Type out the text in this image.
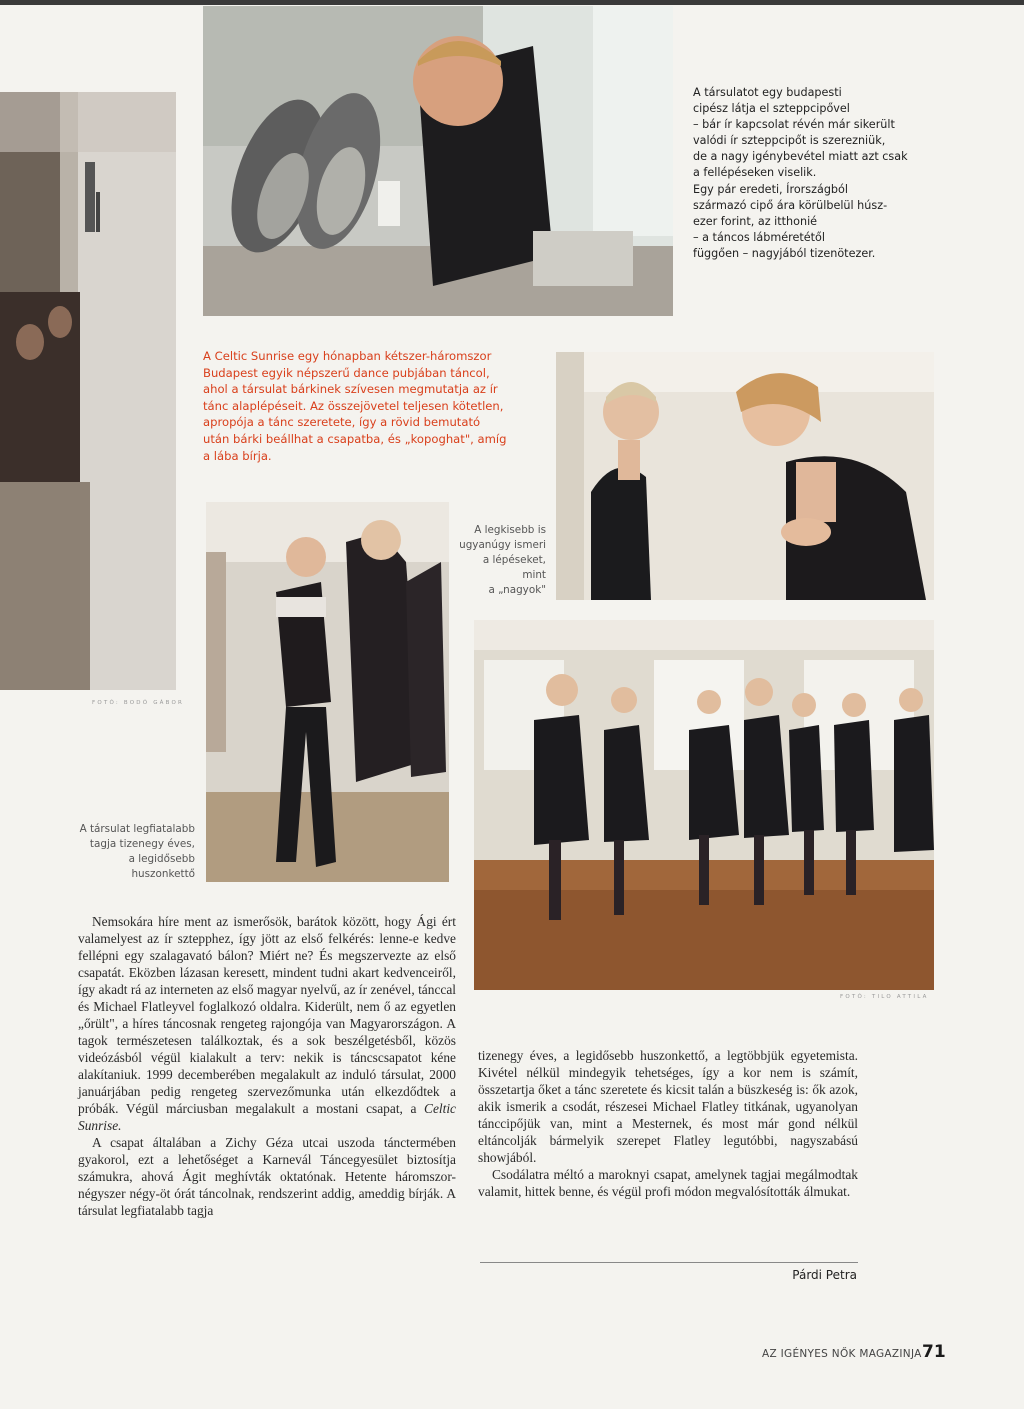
A társulatot egy budapesti
cipész látja el szteppcipővel
– bár ír kapcsolat révén már sikerült
valódi ír szteppcipőt is szerezniük,
de a nagy igénybevétel miatt azt csak
a fellépéseken viselik.
Egy pár eredeti, Írországból
származó cipő ára körülbelül húsz-
ezer forint, az itthonié
– a táncos lábméretétől
függően – nagyjából tizenötezer.
A Celtic Sunrise egy hónapban kétszer-háromszor
Budapest egyik népszerű dance pubjában táncol,
ahol a társulat bárkinek szívesen megmutatja az ír
tánc alaplépéseit. Az összejövetel teljesen kötetlen,
apropója a tánc szeretete, így a rövid bemutató
után bárki beállhat a csapatba, és „kopoghat", amíg
a lába bírja.
A legkisebb is
ugyanúgy ismeri
a lépéseket,
mint
a „nagyok"
A társulat legfiatalabb
tagja tizenegy éves,
a legidősebb
huszonkettő
FOTÓ: BODÓ GÁBOR
FOTÓ: TILO ATTILA

Nemsokára híre ment az ismerősök, barátok között, hogy Ági ért valamelyest az ír sztepphez, így jött az első felkérés: lenne-e kedve fellépni egy szalagavató bálon? Miért ne? És megszervezte az első csapatát. Eközben lázasan keresett, mindent tudni akart kedvenceiről, így akadt rá az interneten az első magyar nyelvű, az ír zenével, tánccal és Michael Flatleyvel foglalkozó oldalra. Kiderült, nem ő az egyetlen „őrült", a híres táncosnak rengeteg rajongója van Magyarországon. A tagok természetesen találkoztak, és a sok beszélgetésből, közös videózásból végül kialakult a terv: nekik is táncscsapatot kéne alakítaniuk. 1999 decemberében megalakult az induló társulat, 2000 januárjában pedig rengeteg szervezőmunka után elkezdődtek a próbák. Végül márciusban megalakult a mostani csapat, a Celtic Sunrise.

A csapat általában a Zichy Géza utcai uszoda tánctermében gyakorol, ezt a lehetőséget a Karnevál Táncegyesület biztosítja számukra, ahová Ágit meghívták oktatónak. Hetente háromszor-négyszer négy-öt órát táncolnak, rendszerint addig, ameddig bírják. A társulat legfiatalabb tagja

tizenegy éves, a legidősebb huszonkettő, a legtöbbjük egyetemista. Kivétel nélkül mindegyik tehetséges, így a kor nem is számít, összetartja őket a tánc szeretete és kicsit talán a büszkeség is: ők azok, akik ismerik a csodát, részesei Michael Flatley titkának, ugyanolyan tánccipőjük van, mint a Mesternek, és most már gond nélkül eltáncolják bármelyik szerepet Flatley legutóbbi, nagyszabású showjából.

Csodálatra méltó a maroknyi csapat, amelynek tagjai megálmodtak valamit, hittek benne, és végül profi módon megvalósították álmukat.

Párdi Petra
AZ IGÉNYES NŐK MAGAZINJA 71
